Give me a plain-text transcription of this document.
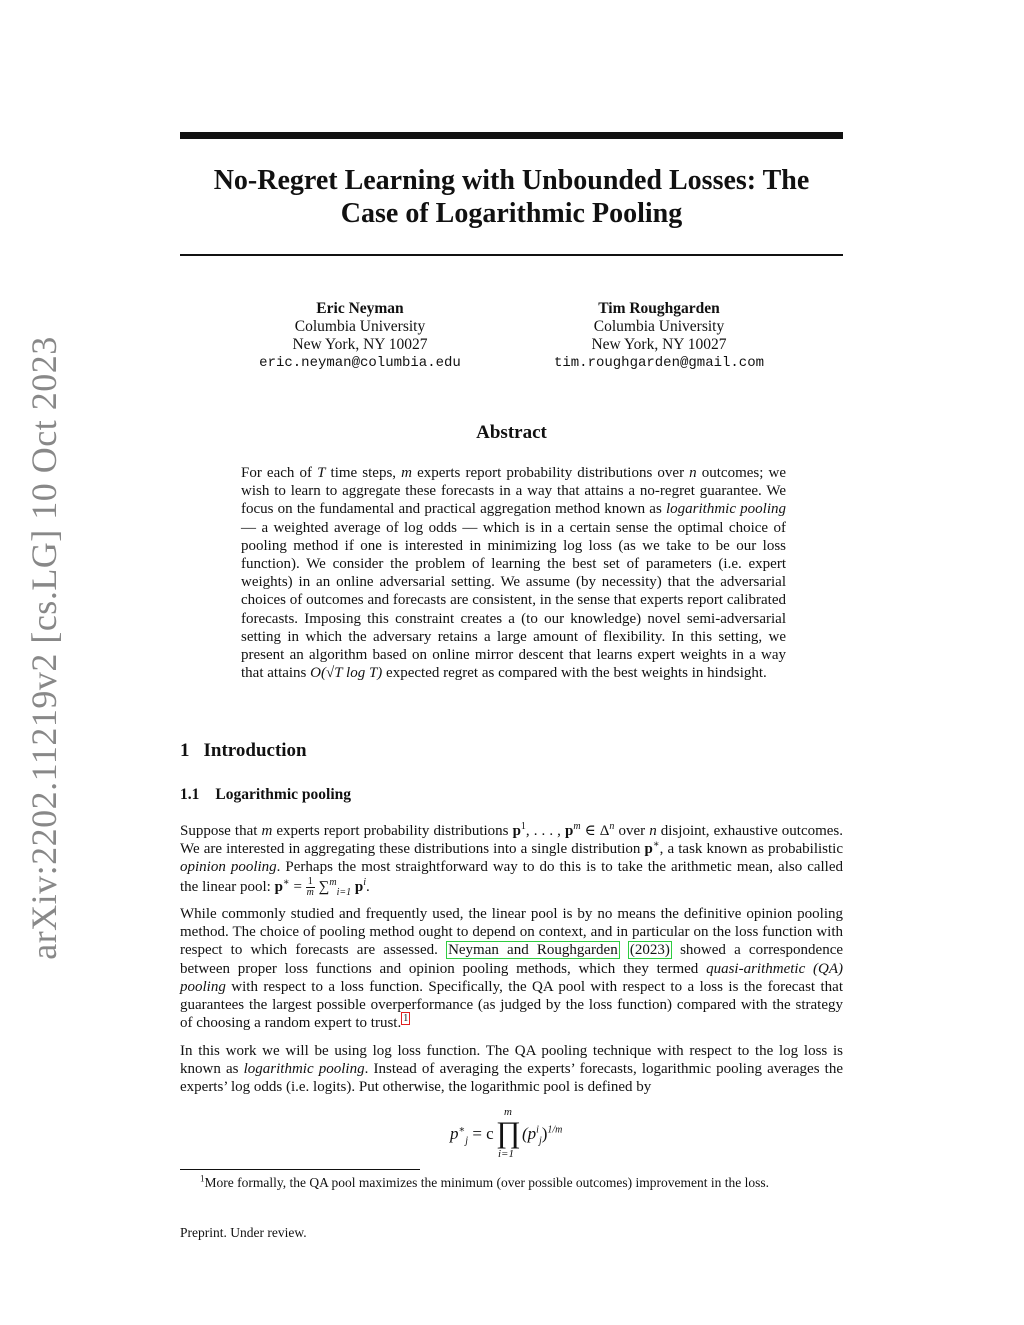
arXiv:2202.11219v2 [cs.LG] 10 Oct 2023
No-Regret Learning with Unbounded Losses: The
Case of Logarithmic Pooling
Eric Neyman
Columbia University
New York, NY 10027
eric.neyman@columbia.edu
Tim Roughgarden
Columbia University
New York, NY 10027
tim.roughgarden@gmail.com
Abstract

For each of T time steps, m experts report probability distributions over n outcomes; we wish to learn to aggregate these forecasts in a way that attains a no-regret guarantee. We focus on the fundamental and practical aggregation method known as logarithmic pooling — a weighted average of log odds — which is in a certain sense the optimal choice of pooling method if one is interested in minimizing log loss (as we take to be our loss function). We consider the problem of learning the best set of parameters (i.e. expert weights) in an online adversarial setting. We assume (by necessity) that the adversarial choices of outcomes and forecasts are consistent, in the sense that experts report calibrated forecasts. Imposing this constraint creates a (to our knowledge) novel semi-adversarial setting in which the adversary retains a large amount of flexibility. In this setting, we present an algorithm based on online mirror descent that learns expert weights in a way that attains O(√T log T) expected regret as compared with the best weights in hindsight.

1 Introduction
1.1 Logarithmic pooling

Suppose that m experts report probability distributions $p^1$, . . . , $p^m$ ∈ $\Delta^n$ over n disjoint, exhaustive outcomes. We are interested in aggregating these distributions into a single distribution p∗, a task known as probabilistic opinion pooling. Perhaps the most straightforward way to do this is to take the arithmetic mean, also called the linear pool: $p^∗ = \frac{1}{m} \sum^m_{i=1}$ $p^i$.

While commonly studied and frequently used, the linear pool is by no means the definitive opinion pooling method. The choice of pooling method ought to depend on context, and in particular on the loss function with respect to which forecasts are assessed. Neyman and Roughgarden (2023) showed a correspondence between proper loss functions and opinion pooling methods, which they termed quasi-arithmetic (QA) pooling with respect to a loss function. Specifically, the QA pool with respect to a loss is the forecast that guarantees the largest possible overperformance (as judged by the loss function) compared with the strategy of choosing a random expert to trust. $^1$

In this work we will be using log loss function. The QA pooling technique with respect to the log loss is known as logarithmic pooling. Instead of averaging the experts’ forecasts, logarithmic pooling averages the experts’ log odds (i.e. logits). Put otherwise, the logarithmic pool is defined by

$p^∗_j = c$
m
∏
i=1
$(p^i_j)^{1/m}$

$^1$More formally, the QA pool maximizes the minimum (over possible outcomes) improvement in the loss.

Preprint. Under review.
